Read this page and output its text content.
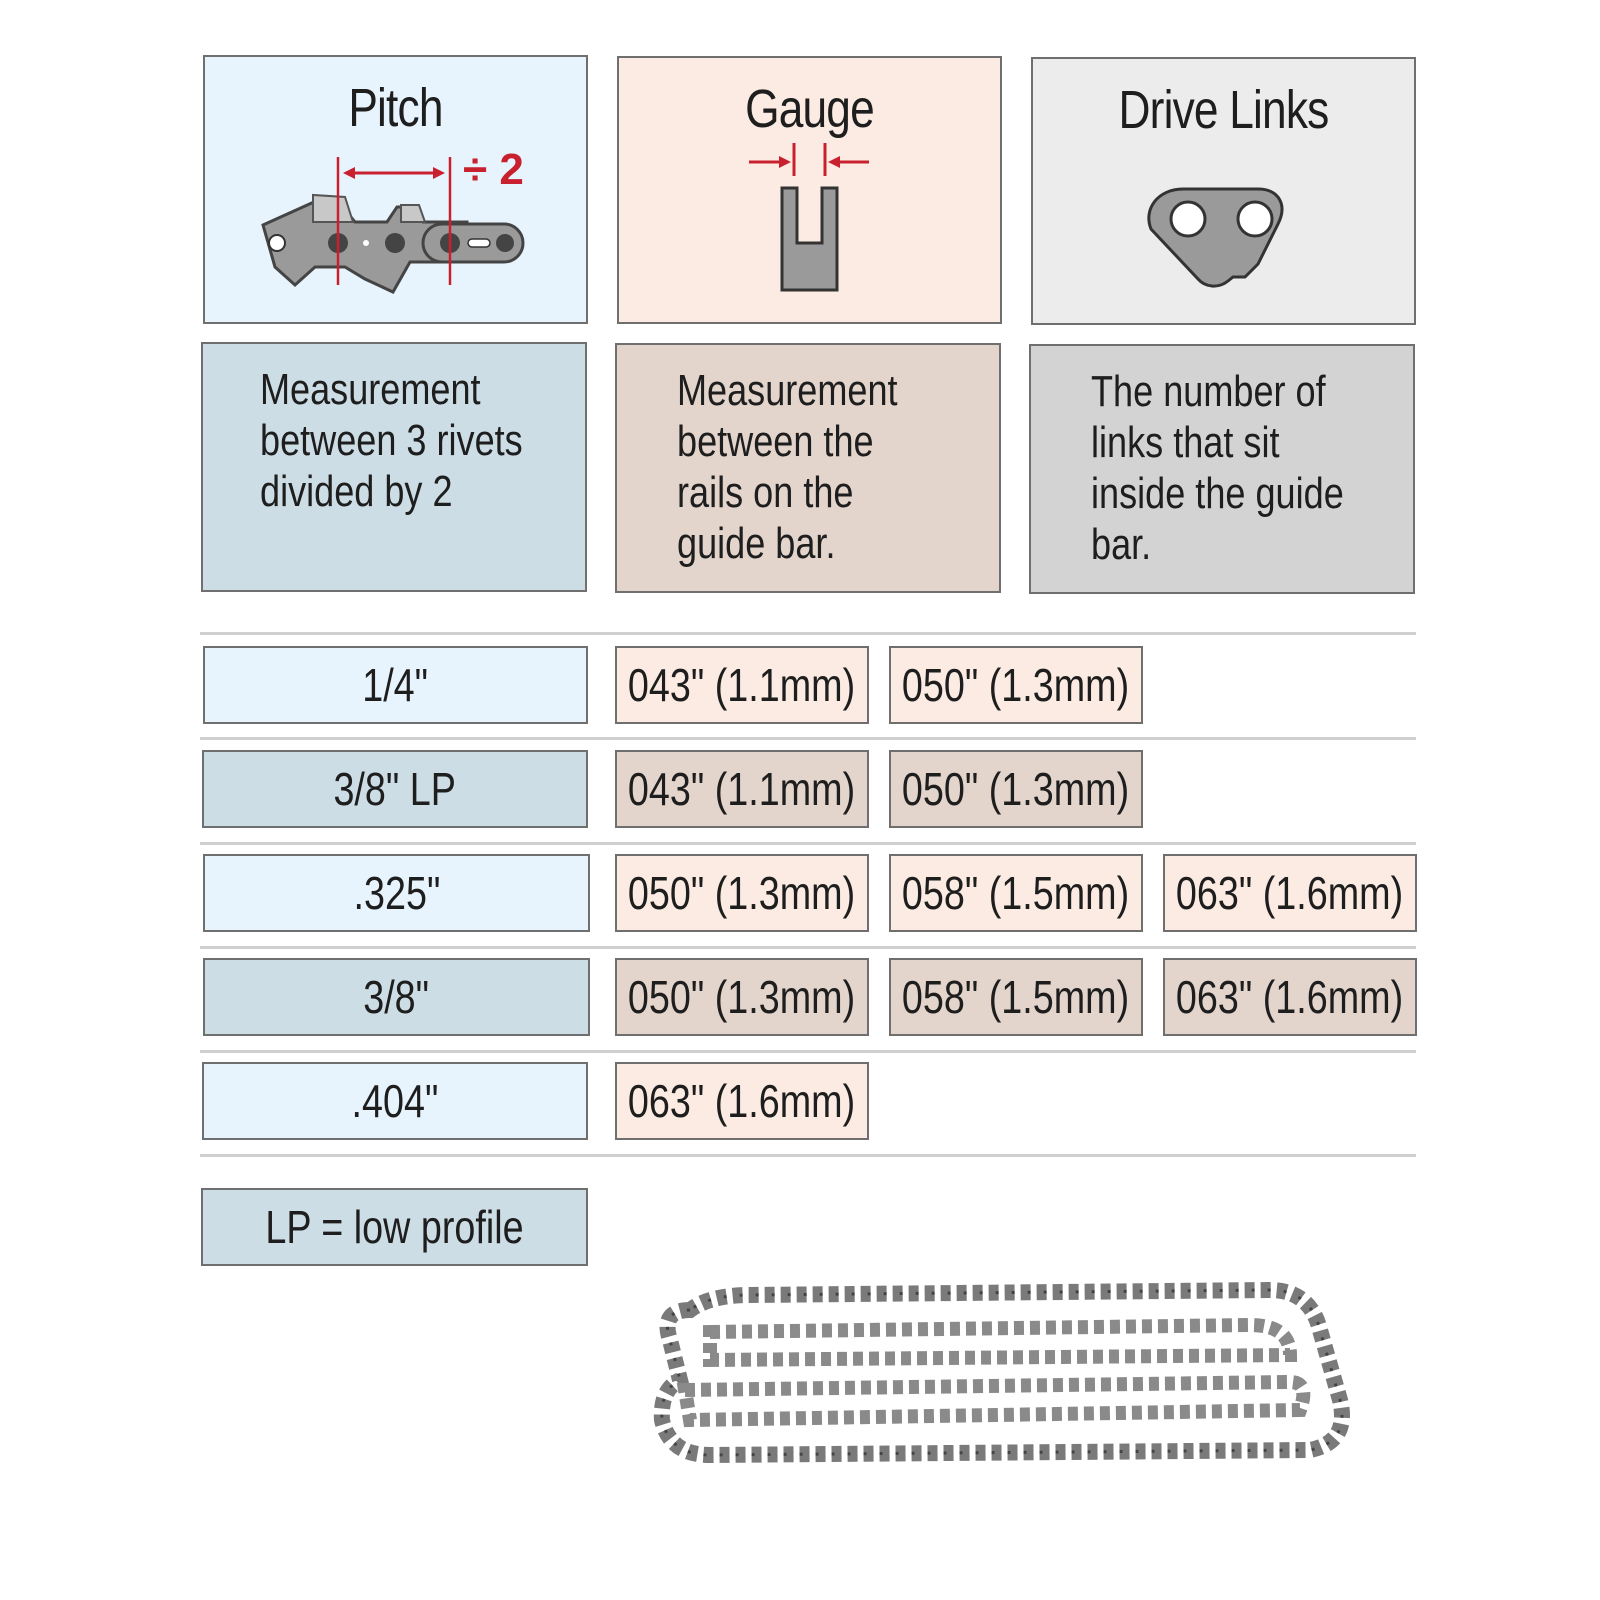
Pitch
÷ 2
Gauge	Drive Links
Measurement
between 3 rivets
divided by 2
Measurement
between the
rails on the
guide bar.
The number of
links that sit
inside the guide
bar.
1/4"	043" (1.1mm) 050" (1.3mm)
3/8" LP	043" (1.1mm) 050" (1.3mm)
.325"	050" (1.3mm) 058" (1.5mm) 063" (1.6mm)
3/8"	050" (1.3mm) 058" (1.5mm) 063" (1.6mm)
.404"	063" (1.6mm)
LP = low profile
